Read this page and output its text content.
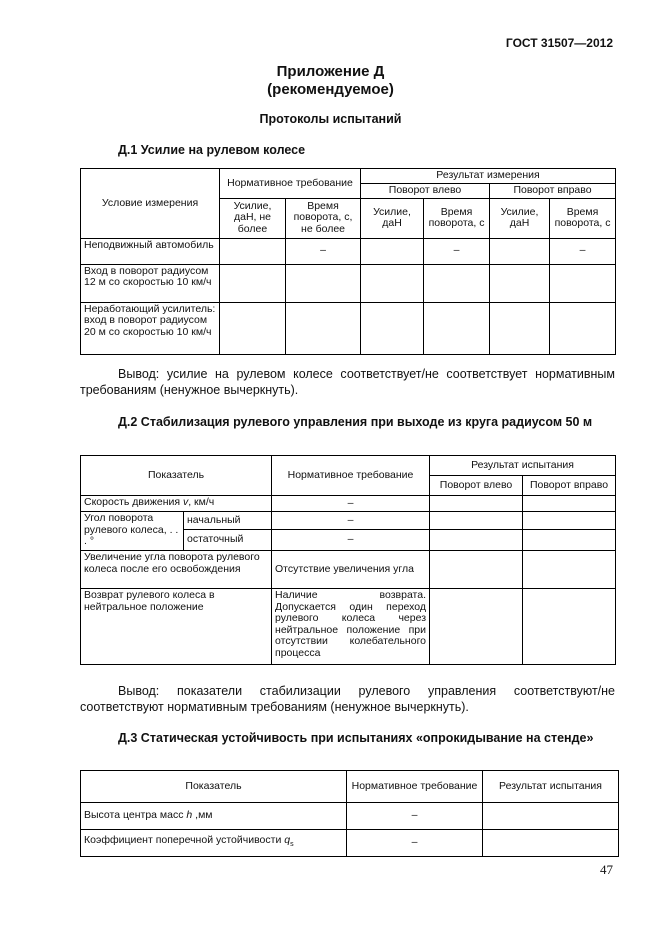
ГОСТ 31507—2012
Приложение Д
(рекомендуемое)
Протоколы испытаний
Д.1 Усилие на рулевом колесе
Условие измерения	Нормативное требование		Результат измерения			
			Поворот влево		Поворот вправо	
	Усилие, даН, не более	Время поворота, с, не более	Усилие, даН	Время поворота, с	Усилие, даН	Время поворота, с
Неподвижный автомобиль		–		–		–
Вход в поворот радиусом 12 м со скоростью 10 км/ч						
Неработающий усилитель: вход в поворот радиусом 20 м со скоростью 10 км/ч						
Вывод: усилие на рулевом колесе соответствует/не соответствует нормативным требованиям (ненужное вычеркнуть).
Д.2 Стабилизация рулевого управления при выходе из круга радиусом 50 м
Показатель		Нормативное требование	Результат испытания	
			Поворот влево	Поворот вправо
Скорость движения v, км/ч		–		
Угол поворота рулевого колеса, . . . °	начальный	–		
	остаточный	–		
Увеличение угла поворота рулевого колеса после его освобождения		Отсутствие увеличения угла		
Возврат рулевого колеса в нейтральное положение		Наличие возврата. Допускается один переход рулевого колеса через нейтральное положение при отсутствии колебательного процесса		
Вывод: показатели стабилизации рулевого управления соответствуют/не соответствуют нормативным требованиям (ненужное вычеркнуть).
Д.3 Статическая устойчивость при испытаниях «опрокидывание на стенде»
Показатель	Нормативное требование	Результат испытания
Высота центра масс h ,мм	–	
Коэффициент поперечной устойчивости $q_s$	–	
47
